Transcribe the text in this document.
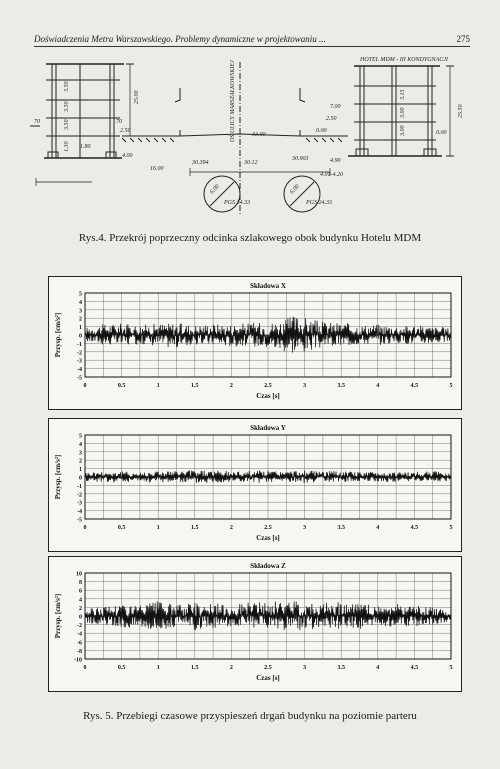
Doświadczenia Metra Warszawskiego. Problemy dynamiczne w projektowaniu ...	275
HOTEL MDM - III KONDYGNACJI
OŚ ULICY MARSZAŁKOWSKIEJ
25.00
25.50
70	70
2.50
1.80
4.00
16.00
30.394	30.12
30.903	4.90
4.01-4.20
7.00
2.50
0.00	0.00
33.00
PGS 24.33	PGS 24.33
6.00	6.00
3.50
3.50
3.50
1.30
3.15
3.00
3.00
Rys.4. Przekrój poprzeczny odcinka szlakowego obok budynku Hotelu MDM
Składowa X
5
4
3
2
1
0
-1
-2
-3
-4
-5
0	0.5	1	1.5	2	2.5	3	3.5	4	4.5	5
Czas [s]
Przysp. [cm/s²]
Składowa Y
5
4
3
2
1
0
-1
-2
-3
-4
-5
0	0.5	1	1.5	2	2.5	3	3.5	4	4.5	5
Czas [s]
Przysp. [cm/s²]
Składowa Z
10
8
6
4
2
0
-2
-4
-6
-8
-10
0	0.5	1	1.5	2	2.5	3	3.5	4	4.5	5
Czas [s]
Przysp. [cm/s²]
Rys. 5. Przebiegi czasowe przyspieszeń drgań budynku na poziomie parteru
